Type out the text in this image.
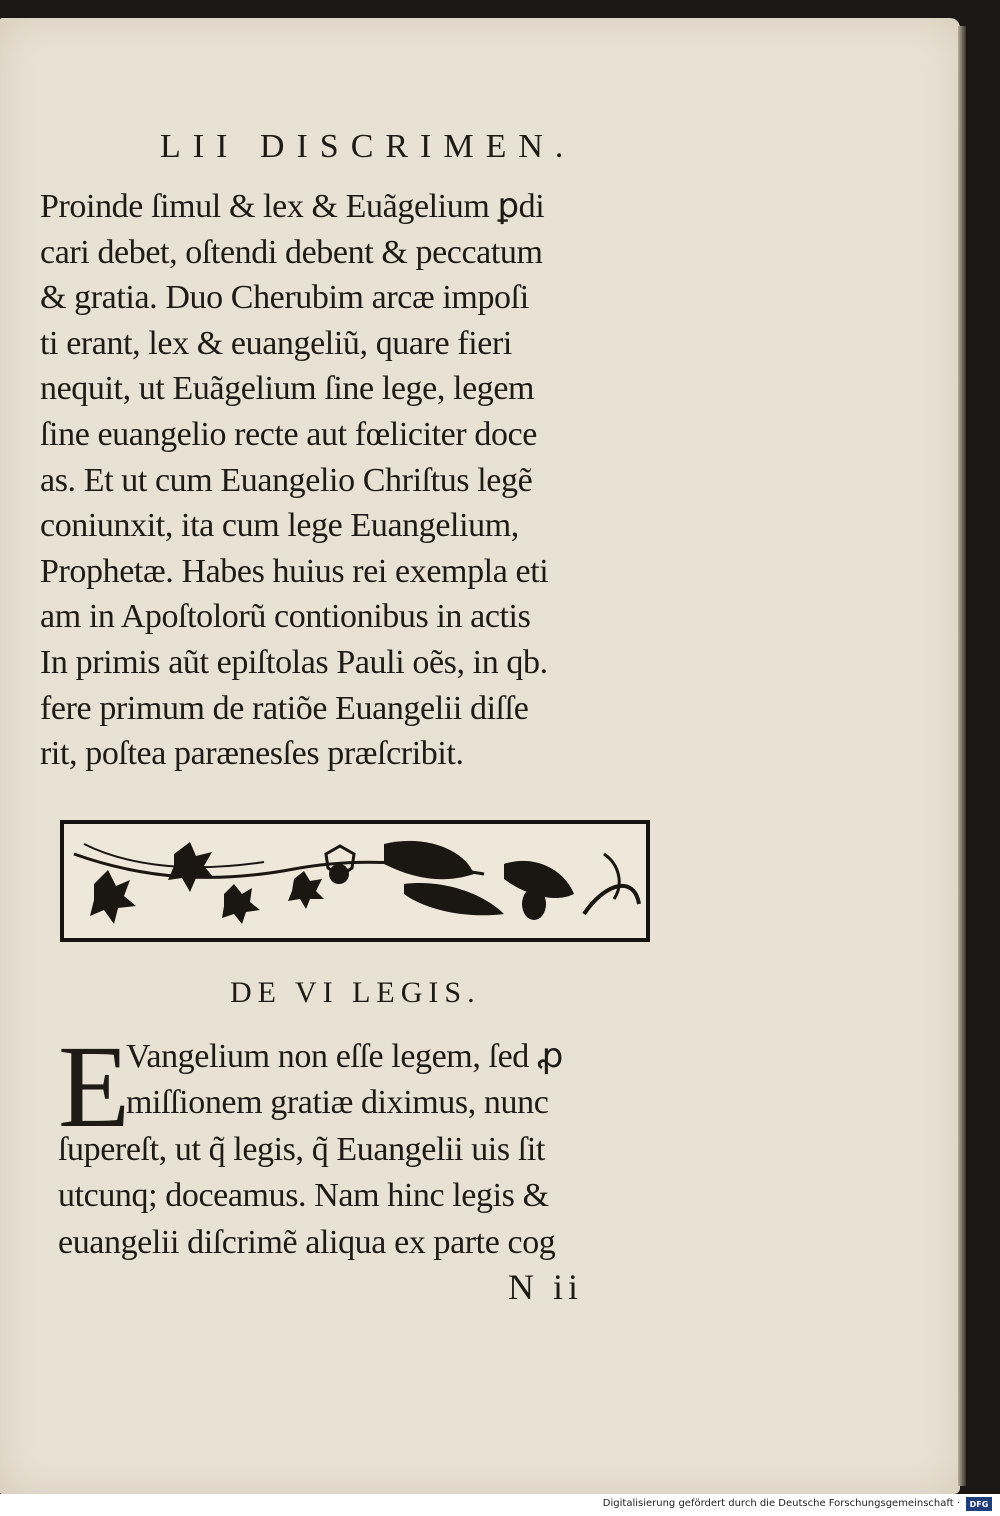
LII DISCRIMEN.
Proinde ſimul & lex & Euãgelium ꝑdi
cari debet, oſtendi debent & peccatum
& gratia. Duo Cherubim arcæ impoſi
ti erant, lex & euangeliũ, quare fieri
nequit, ut Euãgelium ſine lege, legem
ſine euangelio recte aut fœliciter doce
as. Et ut cum Euangelio Chriſtus legẽ
coniunxit, ita cum lege Euangelium,
Prophetæ. Habes huius rei exempla eti
am in Apoſtolorũ contionibus in actis
In primis aũt epiſtolas Pauli oẽs, in qb.
fere primum de ratiõe Euangelii diſſe
rit, poſtea parænesſes præſcribit.
DE VI LEGIS.
E
Vangelium non eſſe legem, ſed ꝓ
miſſionem gratiæ diximus, nunc
ſupereſt, ut q̃ legis, q̃ Euangelii uis ſit
utcunq; doceamus. Nam hinc legis &
euangelii diſcrimẽ aliqua ex parte cog
N ii
Digitalisierung gefördert durch die Deutsche Forschungsgemeinschaft ·	DFG
